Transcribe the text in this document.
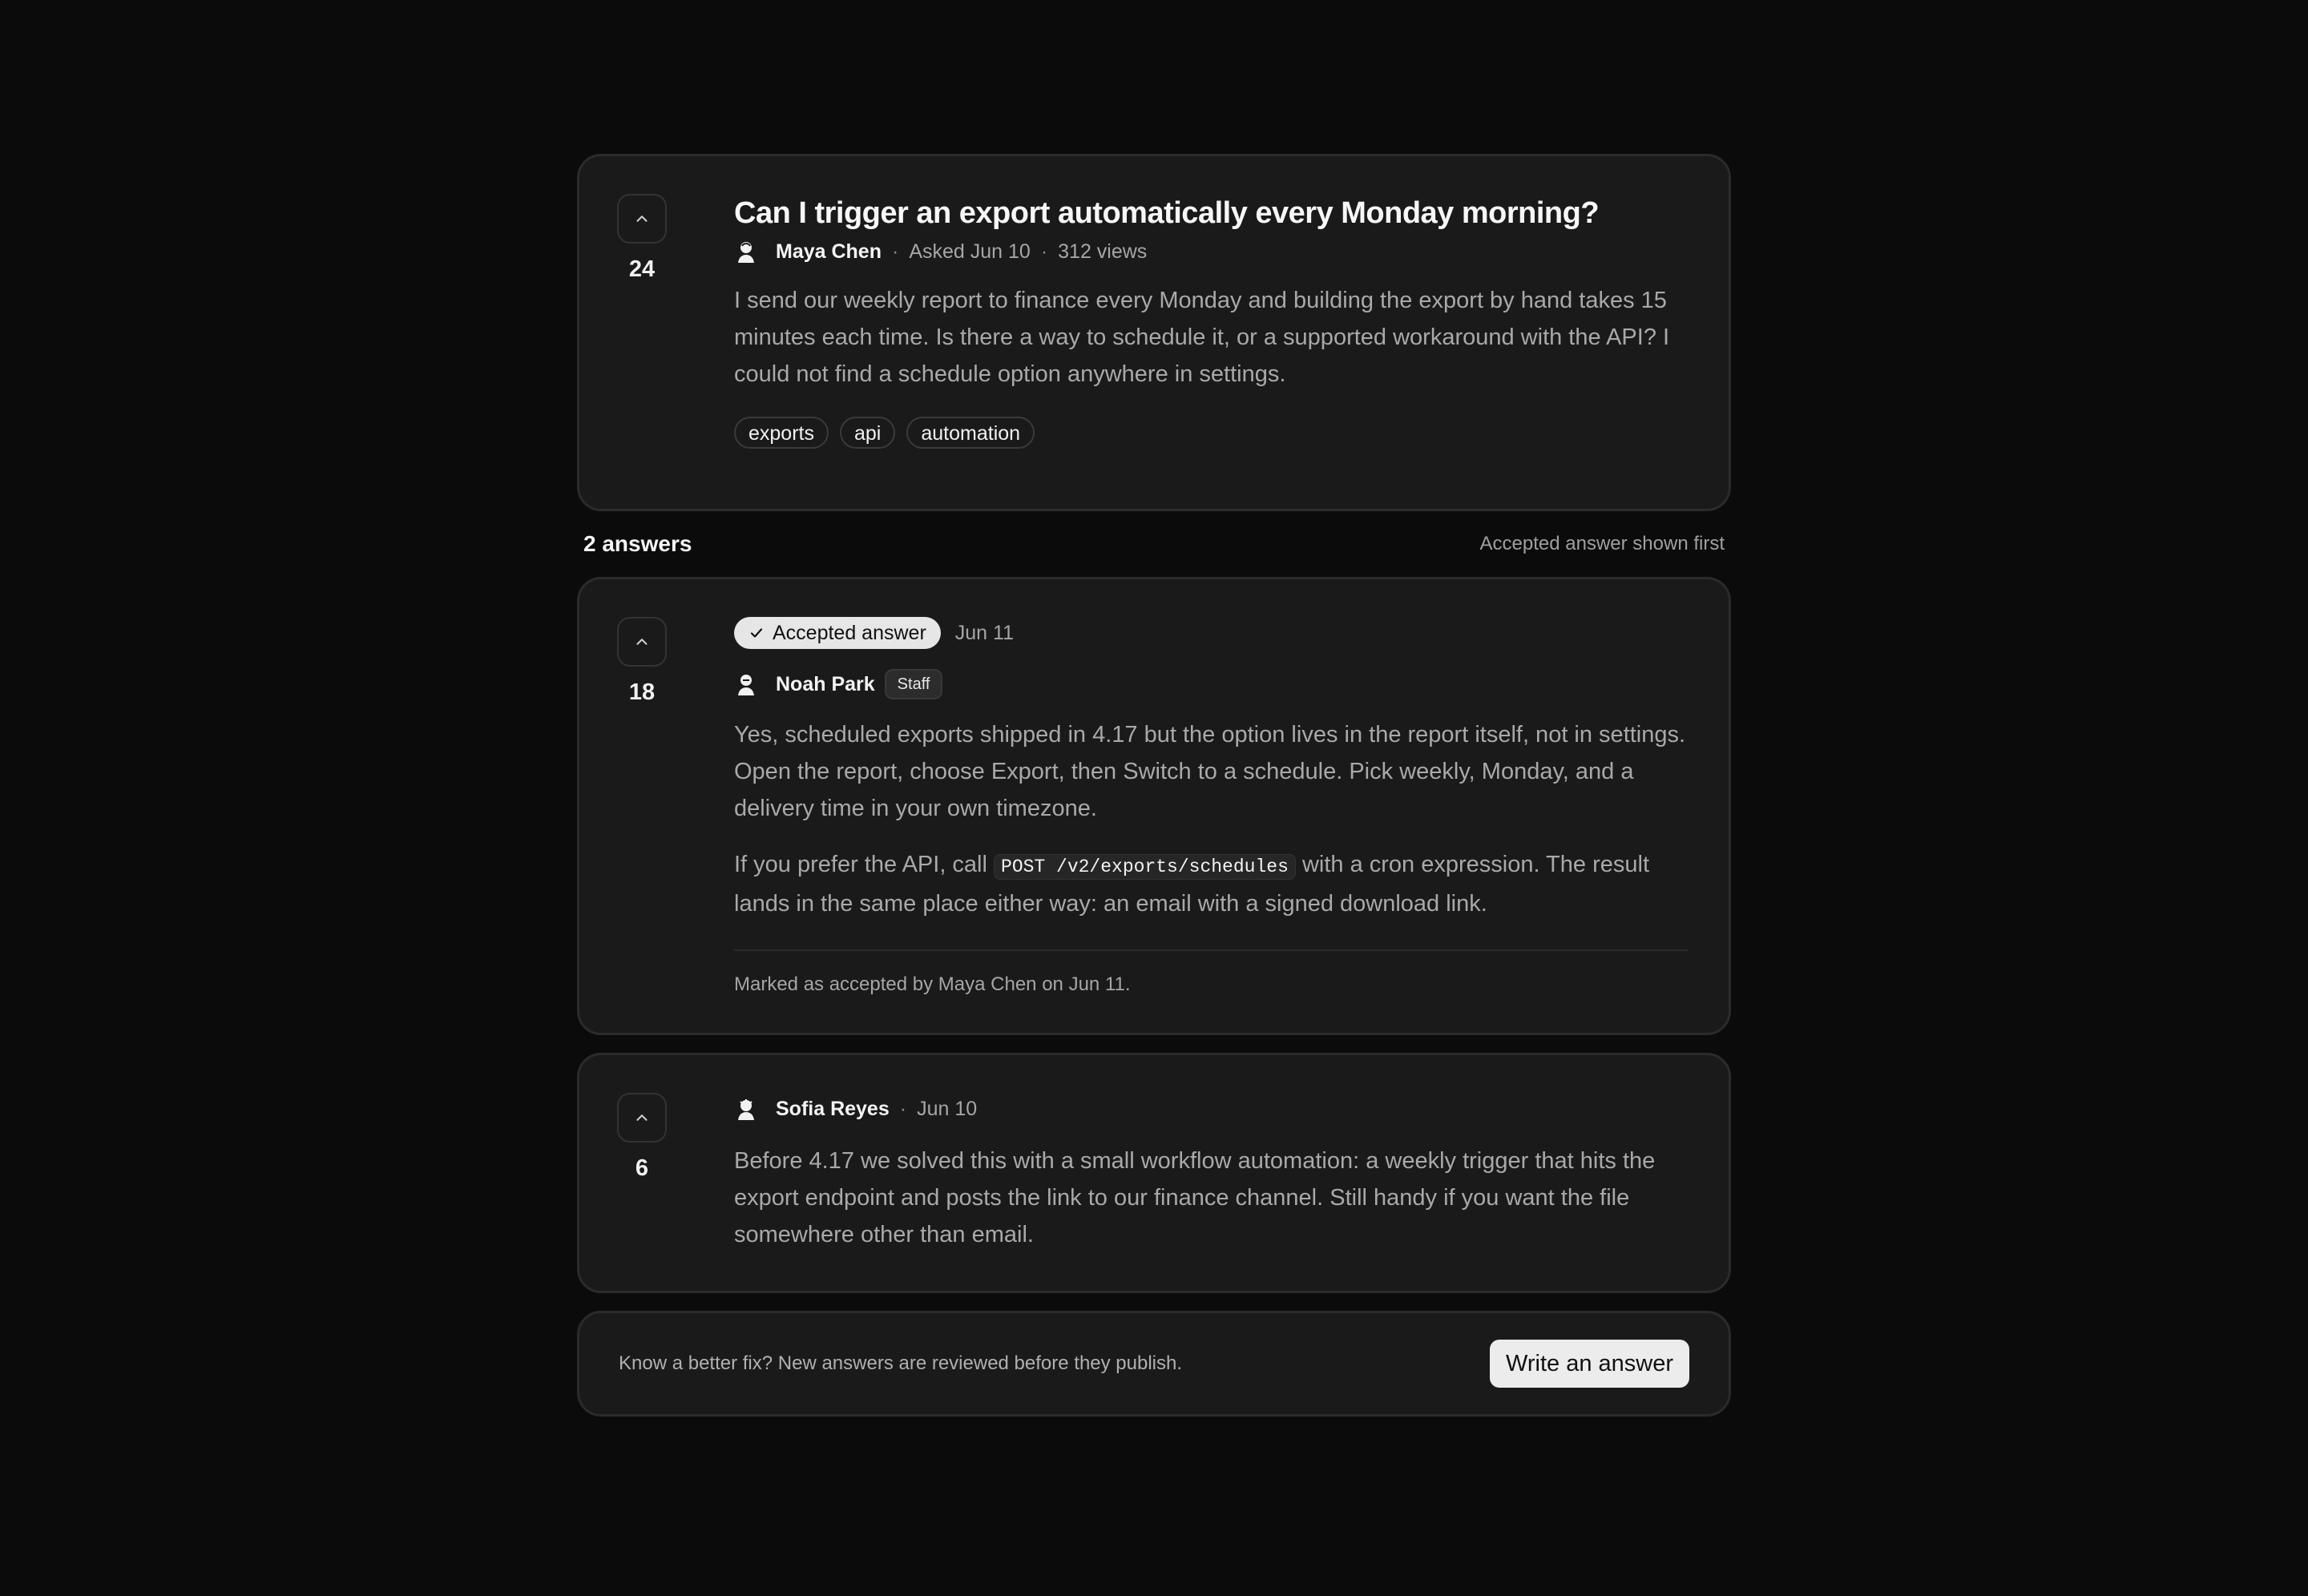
24
Can I trigger an export automatically every Monday morning?
Maya Chen · Asked Jun 10 · 312 views

I send our weekly report to finance every Monday and building the export by hand takes 15 minutes each time. Is there a way to schedule it, or a supported workaround with the API? I could not find a schedule option anywhere in settings.

exports	api	automation
2 answers	Accepted answer shown first
18
Accepted answer Jun 11
Noah Park	Staff

Yes, scheduled exports shipped in 4.17 but the option lives in the report itself, not in settings. Open the report, choose Export, then Switch to a schedule. Pick weekly, Monday, and a delivery time in your own timezone.

If you prefer the API, call POST /v2/exports/schedules with a cron expression. The result lands in the same place either way: an email with a signed download link.

Marked as accepted by Maya Chen on Jun 11.
6
Sofia Reyes · Jun 10

Before 4.17 we solved this with a small workflow automation: a weekly trigger that hits the export endpoint and posts the link to our finance channel. Still handy if you want the file somewhere other than email.

Know a better fix? New answers are reviewed before they publish.	Write an answer
